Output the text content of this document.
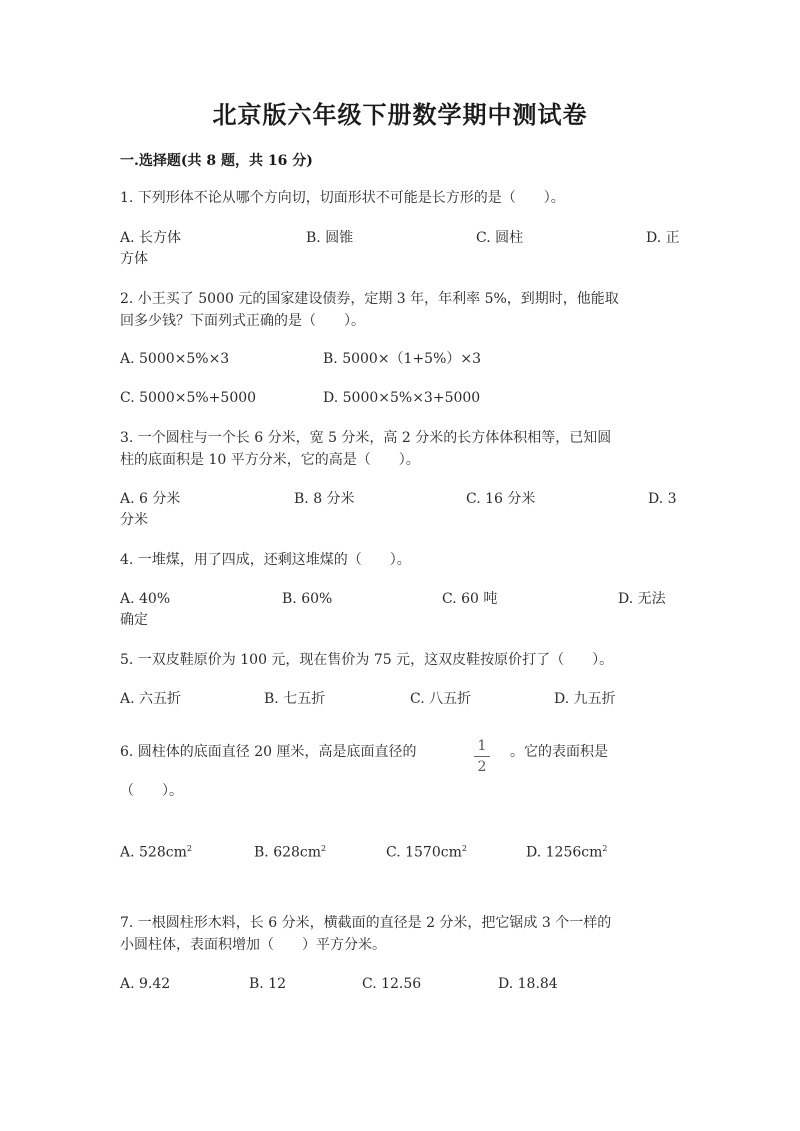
北京版六年级下册数学期中测试卷
一.选择题(共 8 题，共 16 分)
1. 下列形体不论从哪个方向切，切面形状不可能是长方形的是（　　）。
A. 长方体	B. 圆锥	C. 圆柱	D. 正
方体
2. 小王买了 5000 元的国家建设债券，定期 3 年，年利率 5%，到期时，他能取
回多少钱？下面列式正确的是（　　）。
A. 5000×5%×3	B. 5000×（1+5%）×3
C. 5000×5%+5000	D. 5000×5%×3+5000
3. 一个圆柱与一个长 6 分米，宽 5 分米，高 2 分米的长方体体积相等，已知圆
柱的底面积是 10 平方分米，它的高是（　　）。
A. 6 分米	B. 8 分米	C. 16 分米	D. 3
分米
4. 一堆煤，用了四成，还剩这堆煤的（　　）。
A. 40%	B. 60%	C. 60 吨	D. 无法
确定
5. 一双皮鞋原价为 100 元，现在售价为 75 元，这双皮鞋按原价打了（　　）。
A. 六五折	B. 七五折	C. 八五折	D. 九五折
6. 圆柱体的底面直径 20 厘米，高是底面直径的	1
2
。它的表面积是
（　　）。
A. $528cm^2$	B. $628cm^2$	C. $1570cm^2$	D. $1256cm^2$
7. 一根圆柱形木料，长 6 分米，横截面的直径是 2 分米，把它锯成 3 个一样的
小圆柱体，表面积增加（　　）平方分米。
A. 9.42	B. 12	C. 12.56	D. 18.84
